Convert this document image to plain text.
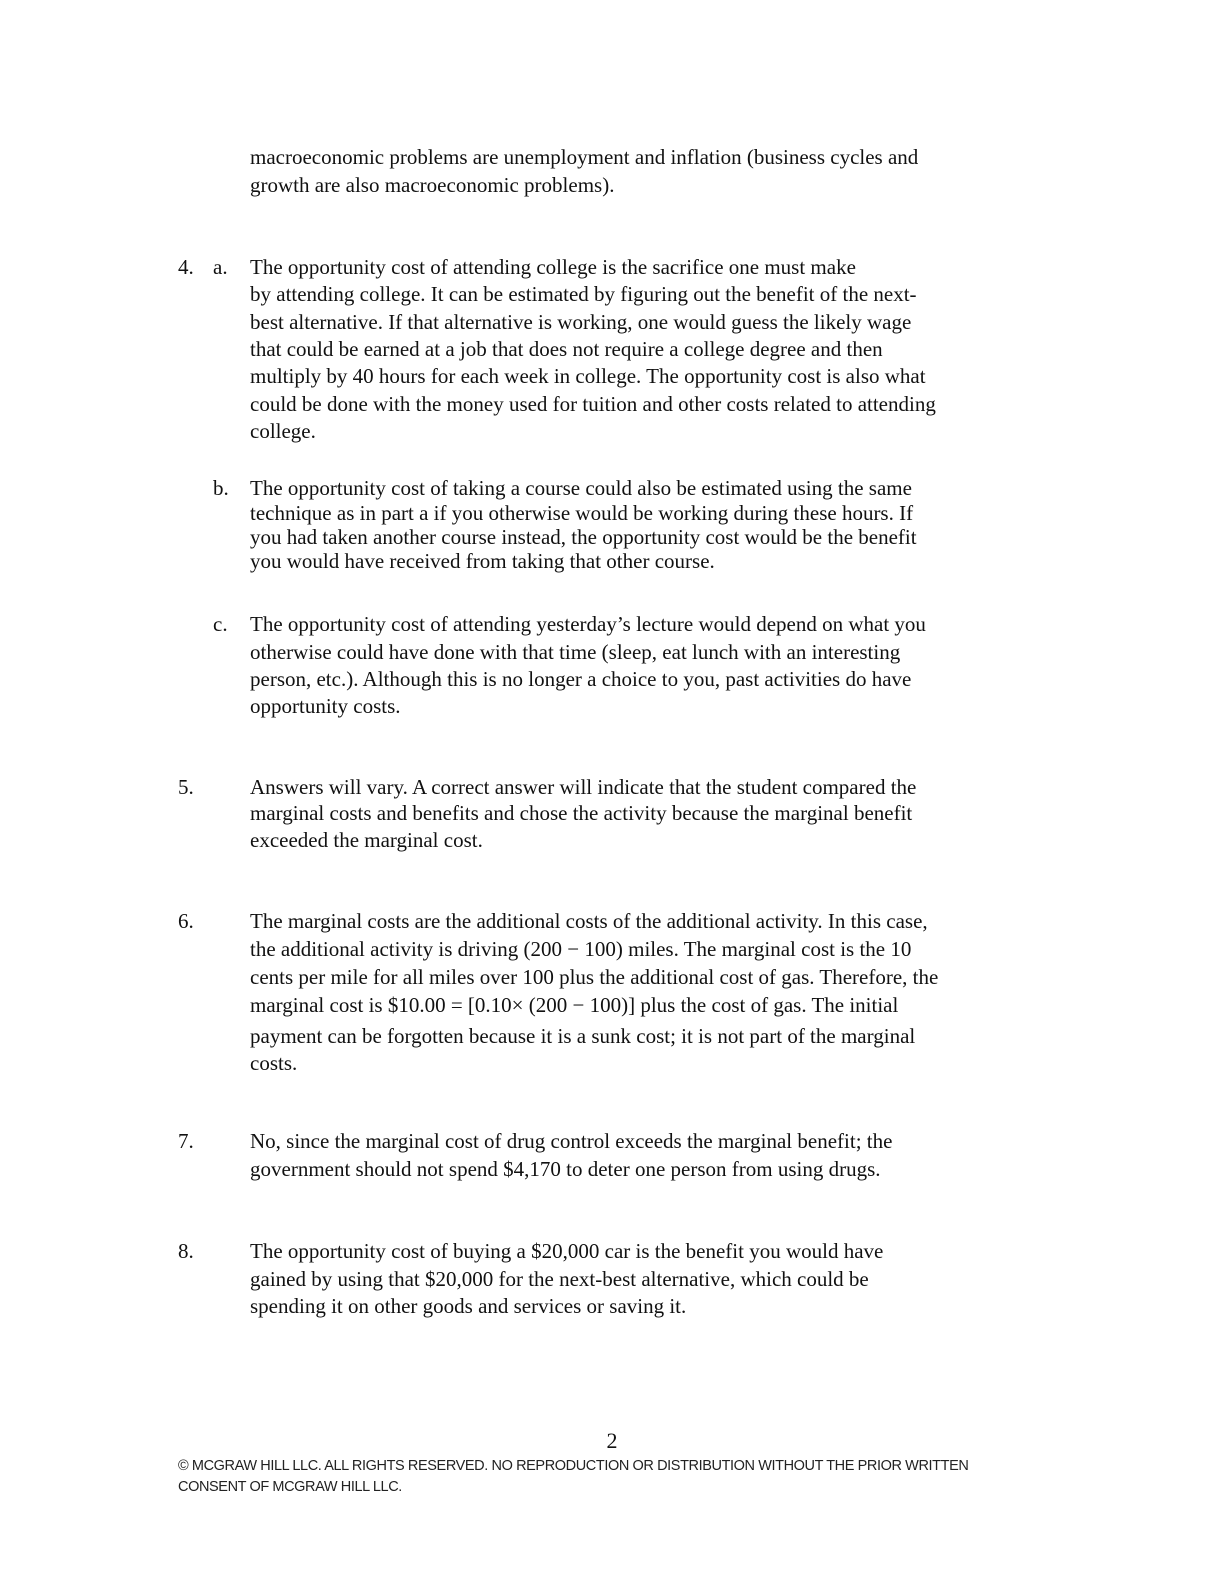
2
© MCGRAW HILL LLC. ALL RIGHTS RESERVED. NO REPRODUCTION OR DISTRIBUTION WITHOUT THE PRIOR WRITTEN
CONSENT OF MCGRAW HILL LLC.
macroeconomic problems are unemployment and inflation (business cycles and
growth are also macroeconomic problems).
4. a. The opportunity cost of attending college is the sacrifice one must make
by attending college. It can be estimated by figuring out the benefit of the next-
best alternative. If that alternative is working, one would guess the likely wage
that could be earned at a job that does not require a college degree and then
multiply by 40 hours for each week in college. The opportunity cost is also what
could be done with the money used for tuition and other costs related to attending
college.
b. The opportunity cost of taking a course could also be estimated using the same
technique as in part a if you otherwise would be working during these hours. If
you had taken another course instead, the opportunity cost would be the benefit
you would have received from taking that other course.
c. The opportunity cost of attending yesterday’s lecture would depend on what you
otherwise could have done with that time (sleep, eat lunch with an interesting
person, etc.). Although this is no longer a choice to you, past activities do have
opportunity costs.
5.	Answers will vary. A correct answer will indicate that the student compared the
marginal costs and benefits and chose the activity because the marginal benefit
exceeded the marginal cost.
6.	The marginal costs are the additional costs of the additional activity. In this case,
the additional activity is driving (200 − 100) miles. The marginal cost is the 10
cents per mile for all miles over 100 plus the additional cost of gas. Therefore, the
marginal cost is $10.00 = [0.10× (200 − 100)] plus the cost of gas. The initial
payment can be forgotten because it is a sunk cost; it is not part of the marginal
costs.
7.	No, since the marginal cost of drug control exceeds the marginal benefit; the
government should not spend $4,170 to deter one person from using drugs.
8.	The opportunity cost of buying a $20,000 car is the benefit you would have
gained by using that $20,000 for the next-best alternative, which could be
spending it on other goods and services or saving it.
